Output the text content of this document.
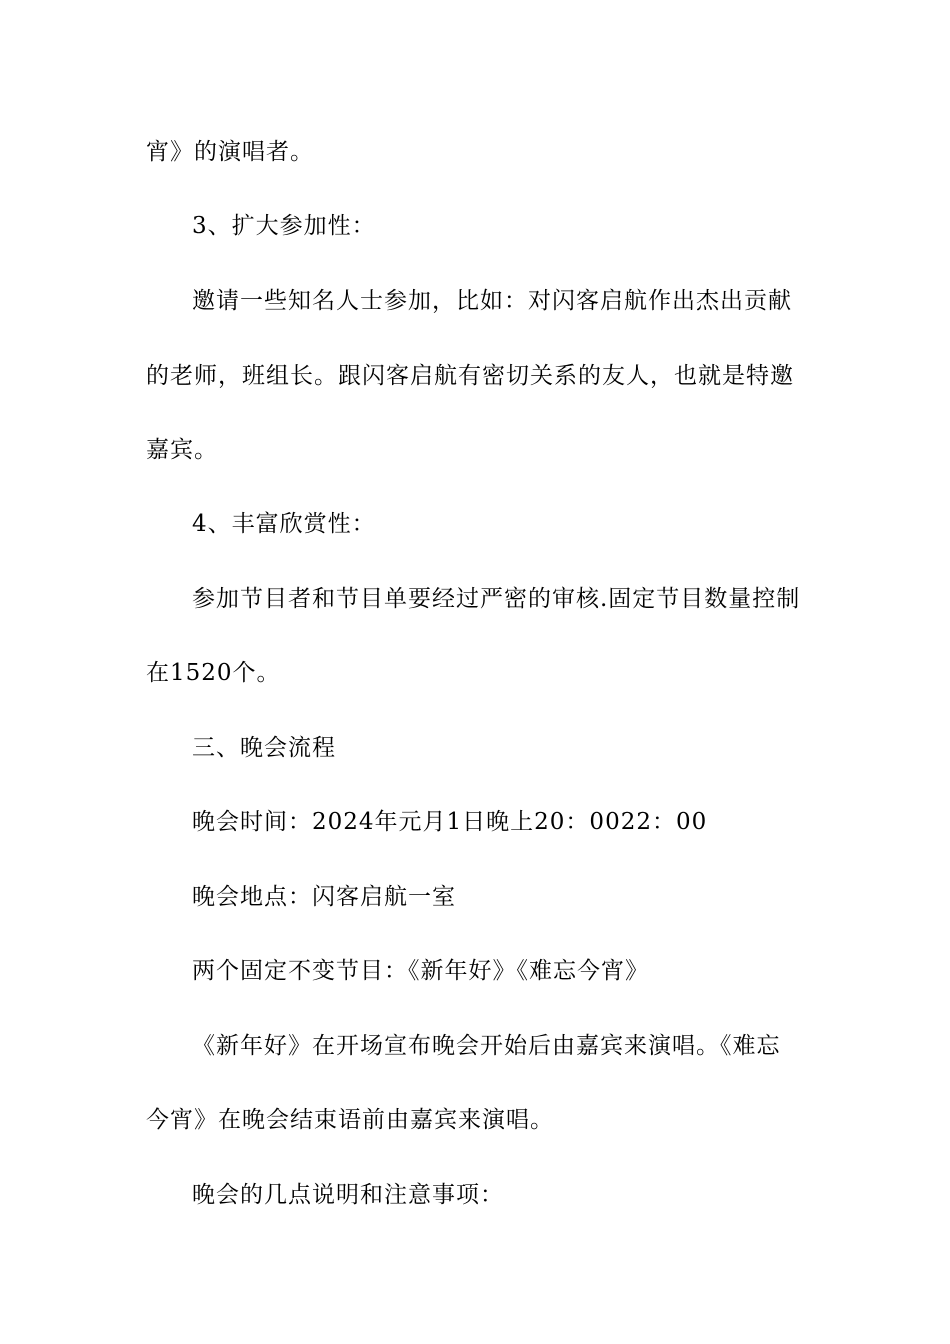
宵》的演唱者。
3、扩大参加性：
邀请一些知名人士参加，比如：对闪客启航作出杰出贡献
的老师，班组长。跟闪客启航有密切关系的友人，也就是特邀
嘉宾。
4、丰富欣赏性：
参加节目者和节目单要经过严密的审核.固定节目数量控制
在1520个。
三、晚会流程
晚会时间：2024年元月1日晚上20：0022：00
晚会地点：闪客启航一室
两个固定不变节目：《新年好》《难忘今宵》
《新年好》在开场宣布晚会开始后由嘉宾来演唱。《难忘
今宵》在晚会结束语前由嘉宾来演唱。
晚会的几点说明和注意事项：
